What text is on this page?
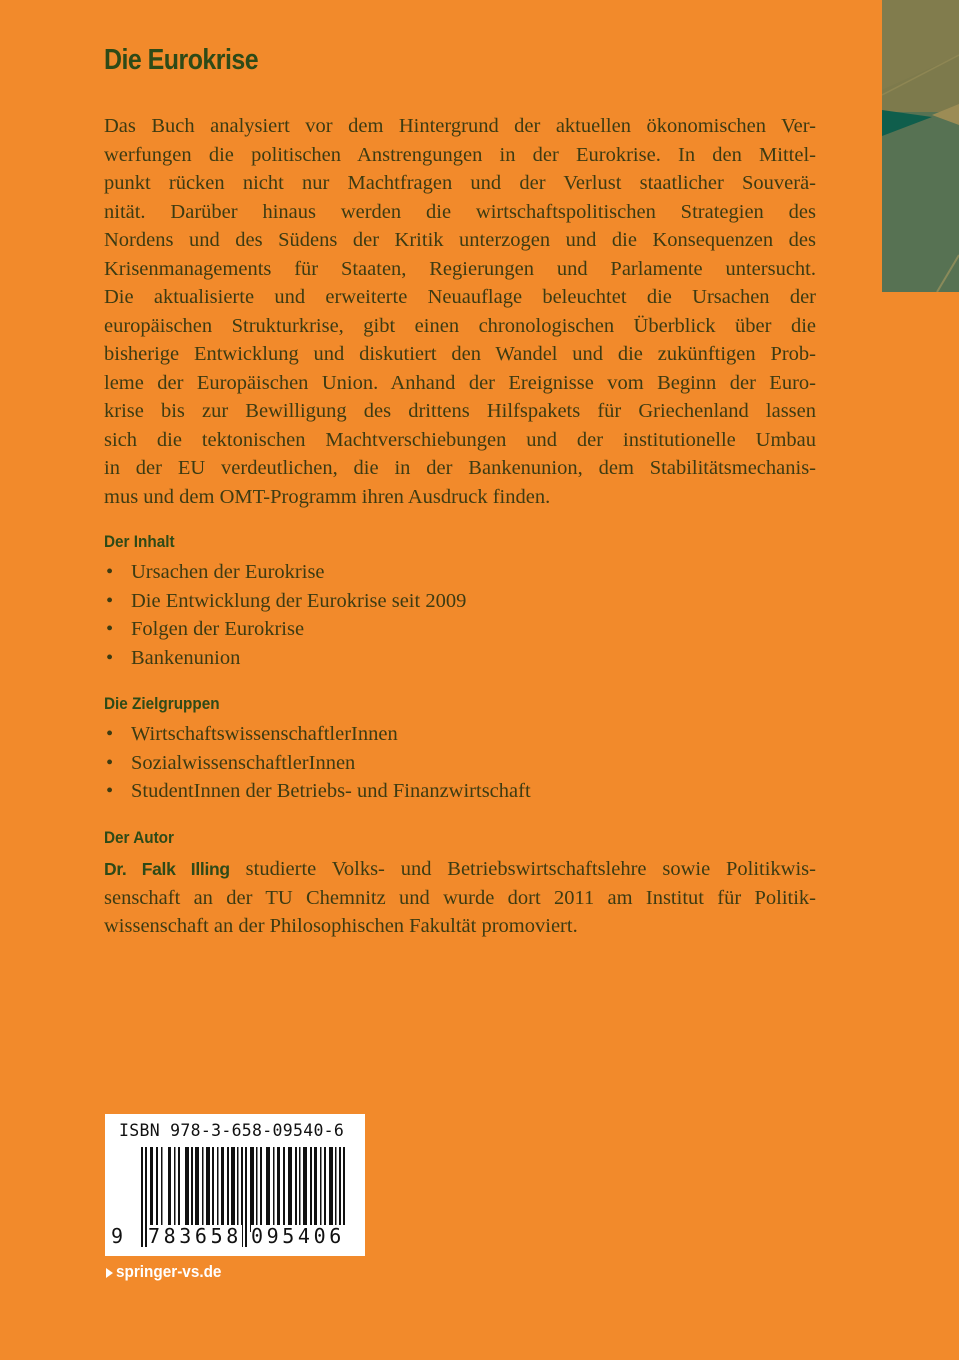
Die Eurokrise
Das Buch analysiert vor dem Hintergrund der aktuellen ökonomischen Ver-
werfungen die politischen Anstrengungen in der Eurokrise. In den Mittel-
punkt rücken nicht nur Machtfragen und der Verlust staatlicher Souverä-
nität. Darüber hinaus werden die wirtschaftspolitischen Strategien des
Nordens und des Südens der Kritik unterzogen und die Konsequenzen des
Krisenmanagements für Staaten, Regierungen und Parlamente untersucht.
Die aktualisierte und erweiterte Neuauflage beleuchtet die Ursachen der
europäischen Strukturkrise, gibt einen chronologischen Überblick über die
bisherige Entwicklung und diskutiert den Wandel und die zukünftigen Prob-
leme der Europäischen Union. Anhand der Ereignisse vom Beginn der Euro-
krise bis zur Bewilligung des drittens Hilfspakets für Griechenland lassen
sich die tektonischen Machtverschiebungen und der institutionelle Umbau
in der EU verdeutlichen, die in der Bankenunion, dem Stabilitätsmechanis-
mus und dem OMT-Programm ihren Ausdruck finden.
Der Inhalt
• Ursachen der Eurokrise
• Die Entwicklung der Eurokrise seit 2009
• Folgen der Eurokrise
• Bankenunion
Die Zielgruppen
• WirtschaftswissenschaftlerInnen
• SozialwissenschaftlerInnen
• StudentInnen der Betriebs- und Finanzwirtschaft
Der Autor
Dr. Falk Illing studierte Volks- und Betriebswirtschaftslehre sowie Politikwis-
senschaft an der TU Chemnitz und wurde dort 2011 am Institut für Politik-
wissenschaft an der Philosophischen Fakultät promoviert.
ISBN 978-3-658-09540-6
9 783658 095406
springer-vs.de
